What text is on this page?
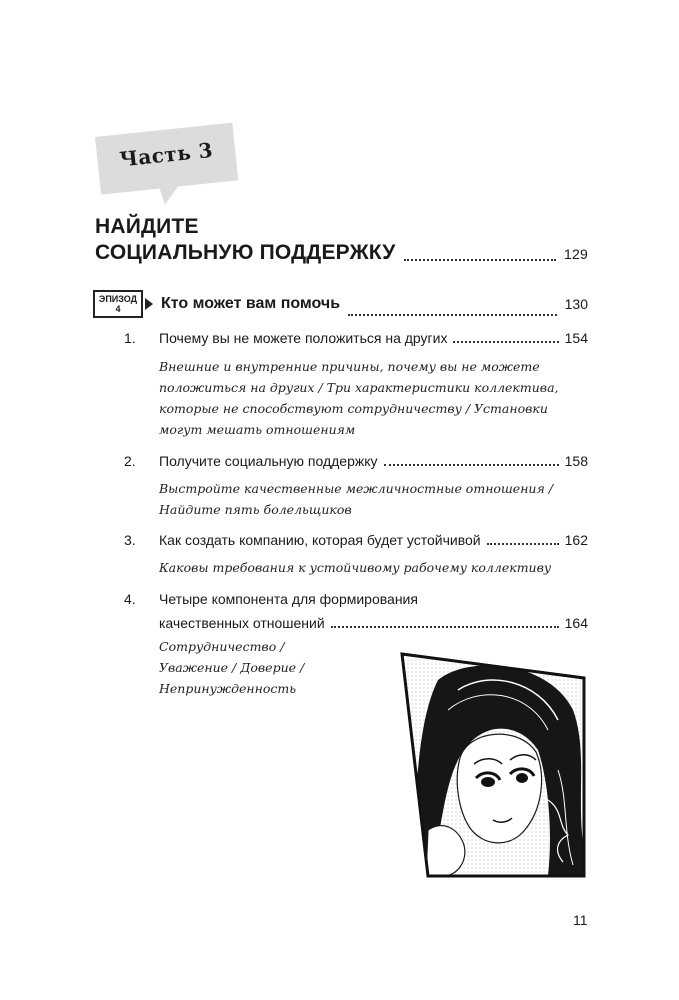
Часть 3
НАЙДИТЕ
СОЦИАЛЬНУЮ ПОДДЕРЖКУ	129
ЭПИЗОД
4	Кто может вам помочь	130
1. Почему вы не можете положиться на других	154
Внешние и внутренние причины, почему вы не можете
положиться на других / Три характеристики коллектива,
которые не способствуют сотрудничеству / Установки
могут мешать отношениям
2. Получите социальную поддержку	158
Выстройте качественные межличностные отношения /
Найдите пять болельщиков
3. Как создать компанию, которая будет устойчивой	162
Каковы требования к устойчивому рабочему коллективу
4. Четыре компонента для формирования
качественных отношений	164
Сотрудничество /
Уважение / Доверие /
Непринужденность
11
